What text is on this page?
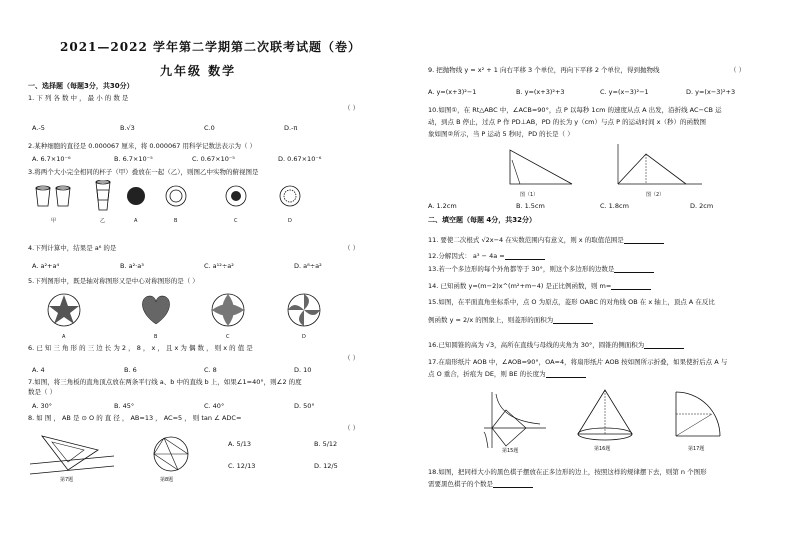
2021—2022 学年第二学期第二次联考试题（卷）
九年级 数学
一、选择题（每题3分，共30分）
1. 下 列 各 数 中 ， 最 小 的 数 是
（ ）
A.-5	B.√3	C.0	D.-π
2.某种细胞的直径是 0.000067 厘米，将 0.000067 用科学记数法表示为（ ）
A. 6.7×10⁻⁶	B. 6.7×10⁻⁵	C. 0.67×10⁻⁵	D. 0.67×10⁻⁶
3.将两个大小完全相同的杯子（甲）叠放在一起（乙），则图乙中实物的俯视图是
甲	乙	A	B	C	D
4.下列计算中，结果是 a⁶ 的是	（ ）
A. a²+a⁴	B. a²·a³	C. a¹²÷a²	D. a⁸÷a²
5.下列图形中，既是轴对称图形又是中心对称图形的是（ ）
A	B	C	D
6. 已 知 三 角 形 的 三 边 长 为 2 ， 8 ， x ， 且 x 为 偶 数 ， 则 x 的 值 是
（ ）
A. 4	B. 6	C. 8	D. 10
7.如图，将三角板的直角顶点放在两条平行线 a、b 中的直线 b 上，如果∠1=40°，则∠2 的度
数是（ ）
A. 30°	B. 45°	C. 40°	D. 50°
8. 如 图 ， AB 是 ⊙ O 的 直 径 ， AB=13 ， AC=5 ， 则 tan ∠ ADC=
（ ）
第7题	第8题
A. 5/13	B. 5/12
C. 12/13	D. 12/5
9. 把抛物线 y = x² + 1 向右平移 3 个单位，再向下平移 2 个单位，得到抛物线	（ ）
A. y=(x+3)²−1	B. y=(x+3)²+3	C. y=(x−3)²−1	D. y=(x−3)²+3
10.如图①，在 Rt△ABC 中，∠ACB=90°，点 P 以每秒 1cm 的速度从点 A 出发，沿折线 AC−CB 运
动，到点 B 停止，过点 P 作 PD⊥AB，PD 的长为 y（cm）与点 P 的运动时间 x（秒）的函数图
象如图②所示，当 P 运动 5 秒时，PD 的长是（ ）
图（1）	图（2）
A. 1.2cm	B. 1.5cm	C. 1.8cm	D. 2cm
二、填空题（每题 4分，共32分）
11. 要使二次根式 √2x−4 在实数范围内有意义，则 x 的取值范围是
12.分解因式： a³ − 4a =
13.若一个多边形的每个外角都等于 30°，则这个多边形的边数是
14. 已知函数 y=(m−2)x^(m²+m−4) 是正比例函数，则 m=
15.如图，在平面直角坐标系中，点 O 为原点，菱形 OABC 的对角线 OB 在 x 轴上，顶点 A 在反比
例函数 y = 2/x 的图象上，则菱形的面积为
16.已知圆锥的高为 √3，高所在直线与母线的夹角为 30°，圆锥的侧面积为
17.在扇形纸片 AOB 中，∠AOB=90°，OA=4，将扇形纸片 AOB 按如图所示折叠，如果使折后点 A 与
点 O 重合，折痕为 DE，则 BE 的长度为
第15题	第16题	第17题
18.如图，把同样大小的黑色棋子摆放在正多边形的边上，按照这样的规律摆下去，则第 n 个图形
需要黑色棋子的个数是
